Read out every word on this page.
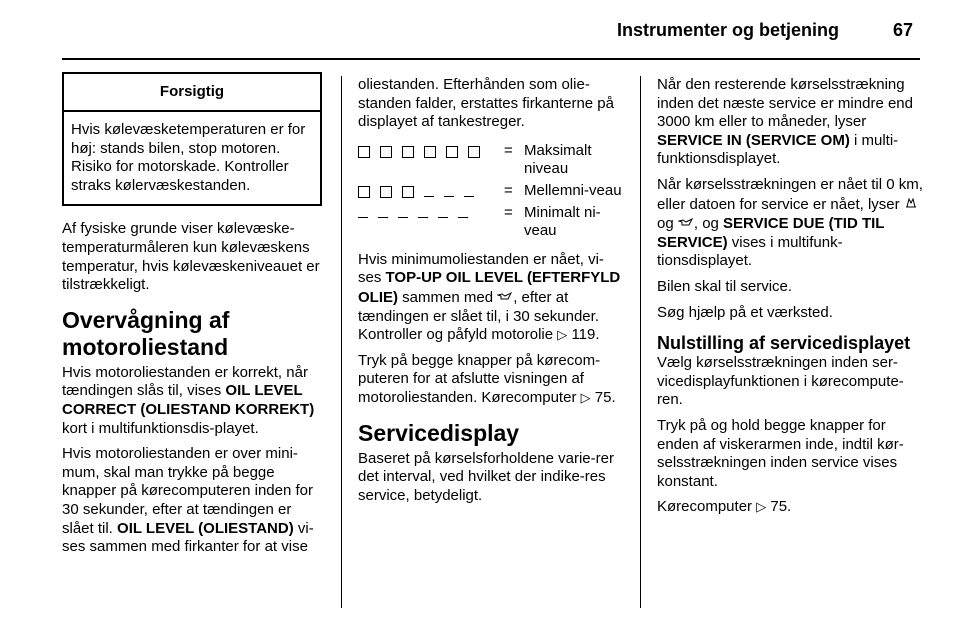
Instrumenter og betjening	67
Forsigtig
Hvis kølevæsketemperaturen er for høj: stands bilen, stop motoren. Risiko for motorskade. Kontroller straks kølervæskestanden.

Af fysiske grunde viser kølevæske-temperaturmåleren kun kølevæskens temperatur, hvis kølevæskeniveauet er tilstrækkeligt.

Overvågning af motoroliestand

Hvis motoroliestanden er korrekt, når tændingen slås til, vises OIL LEVEL CORRECT (OLIESTAND KORREKT) kort i multifunktionsdis-playet.

Hvis motoroliestanden er over mini-mum, skal man trykke på begge knapper på kørecomputeren inden for 30 sekunder, efter at tændingen er slået til. OIL LEVEL (OLIESTAND) vi-ses sammen med firkanter for at vise

oliestanden. Efterhånden som olie-standen falder, erstattes firkanterne på displayet af tankestreger.

= Maksimalt niveau
= Mellemni-veau
= Minimalt ni-veau

Hvis minimumoliestanden er nået, vi-ses TOP-UP OIL LEVEL (EFTERFYLD OLIE) sammen med , efter at tændingen er slået til, i 30 sekunder. Kontroller og påfyld motorolie ▷ 119.

Tryk på begge knapper på kørecom-puteren for at afslutte visningen af motoroliestanden. Kørecomputer ▷ 75.

Servicedisplay

Baseret på kørselsforholdene varie-rer det interval, ved hvilket der indike-res service, betydeligt.

Når den resterende kørselsstrækning inden det næste service er mindre end 3000 km eller to måneder, lyser SERVICE IN (SERVICE OM) i multi-funktionsdisplayet.

Når kørselsstrækningen er nået til 0 km, eller datoen for service er nået, lyser  og , og SERVICE DUE (TID TIL SERVICE) vises i multifunk-tionsdisplayet.

Bilen skal til service.

Søg hjælp på et værksted.

Nulstilling af servicedisplayet

Vælg kørselsstrækningen inden ser-vicedisplayfunktionen i kørecompute-ren.

Tryk på og hold begge knapper for enden af viskerarmen inde, indtil kør-selsstrækningen inden service vises konstant.

Kørecomputer ▷ 75.
